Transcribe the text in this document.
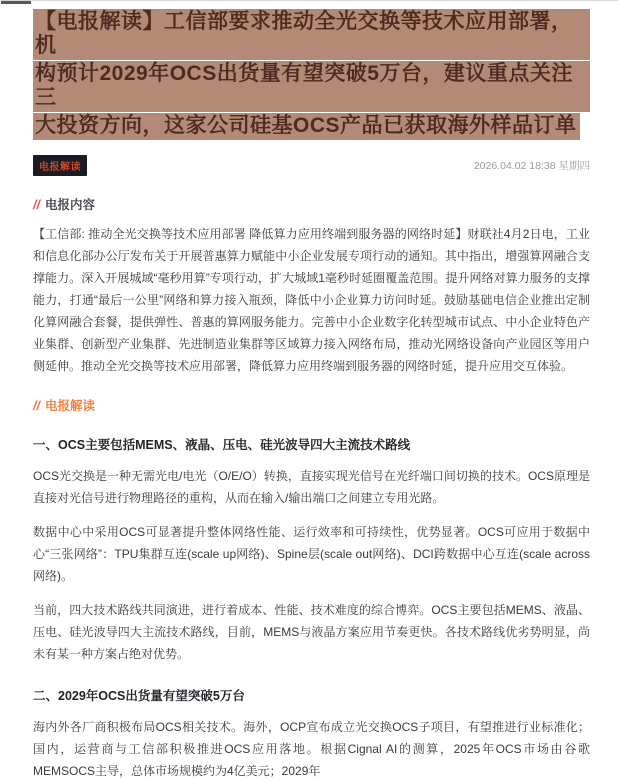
【电报解读】工信部要求推动全光交换等技术应用部署， 机
构预计2029年OCS出货量有望突破5万台，建议重点关注三
大投资方向，这家公司硅基OCS产品已获取海外样品订单
电报解读	2026.04.02 18:38 星期四
// 电报内容

【工信部: 推动全光交换等技术应用部署 降低算力应用终端到服务器的网络时延】财联社4月2日电，工业和信息化部办公厅发布关于开展普惠算力赋能中小企业发展专项行动的通知。其中指出，增强算网融合支撑能力。深入开展城域“毫秒用算”专项行动，扩大城域1毫秒时延圈覆盖范围。提升网络对算力服务的支撑能力，打通“最后一公里”网络和算力接入瓶颈，降低中小企业算力访问时延。鼓励基础电信企业推出定制化算网融合套餐，提供弹性、普惠的算网服务能力。完善中小企业数字化转型城市试点、中小企业特色产业集群、创新型产业集群、先进制造业集群等区域算力接入网络布局，推动光网络设备向产业园区等用户侧延伸。推动全光交换等技术应用部署，降低算力应用终端到服务器的网络时延，提升应用交互体验。

// 电报解读
一、OCS主要包括MEMS、液晶、压电、硅光波导四大主流技术路线

OCS光交换是一种无需光电/电光（O/E/O）转换，直接实现光信号在光纤端口间切换的技术。OCS原理是直接对光信号进行物理路径的重构，从而在输入/输出端口之间建立专用光路。

数据中心中采用OCS可显著提升整体网络性能、运行效率和可持续性，优势显著。OCS可应用于数据中心“三张网络”：TPU集群互连(scale up网络)、Spine层(scale out网络)、DCI跨数据中心互连(scale across网络)。

当前，四大技术路线共同演进，进行着成本、性能、技术难度的综合博弈。OCS主要包括MEMS、液晶、压电、硅光波导四大主流技术路线，目前，MEMS与液晶方案应用节奏更快。各技术路线优劣势明显，尚未有某一种方案占绝对优势。

二、2029年OCS出货量有望突破5万台

海内外各厂商积极布局OCS相关技术。海外，OCP宣布成立光交换OCS子项目，有望推进行业标准化；国内，运营商与工信部积极推进OCS应用落地。根据Cignal AI的测算，2025年OCS市场由谷歌MEMSOCS主导，总体市场规模约为4亿美元；2029年
